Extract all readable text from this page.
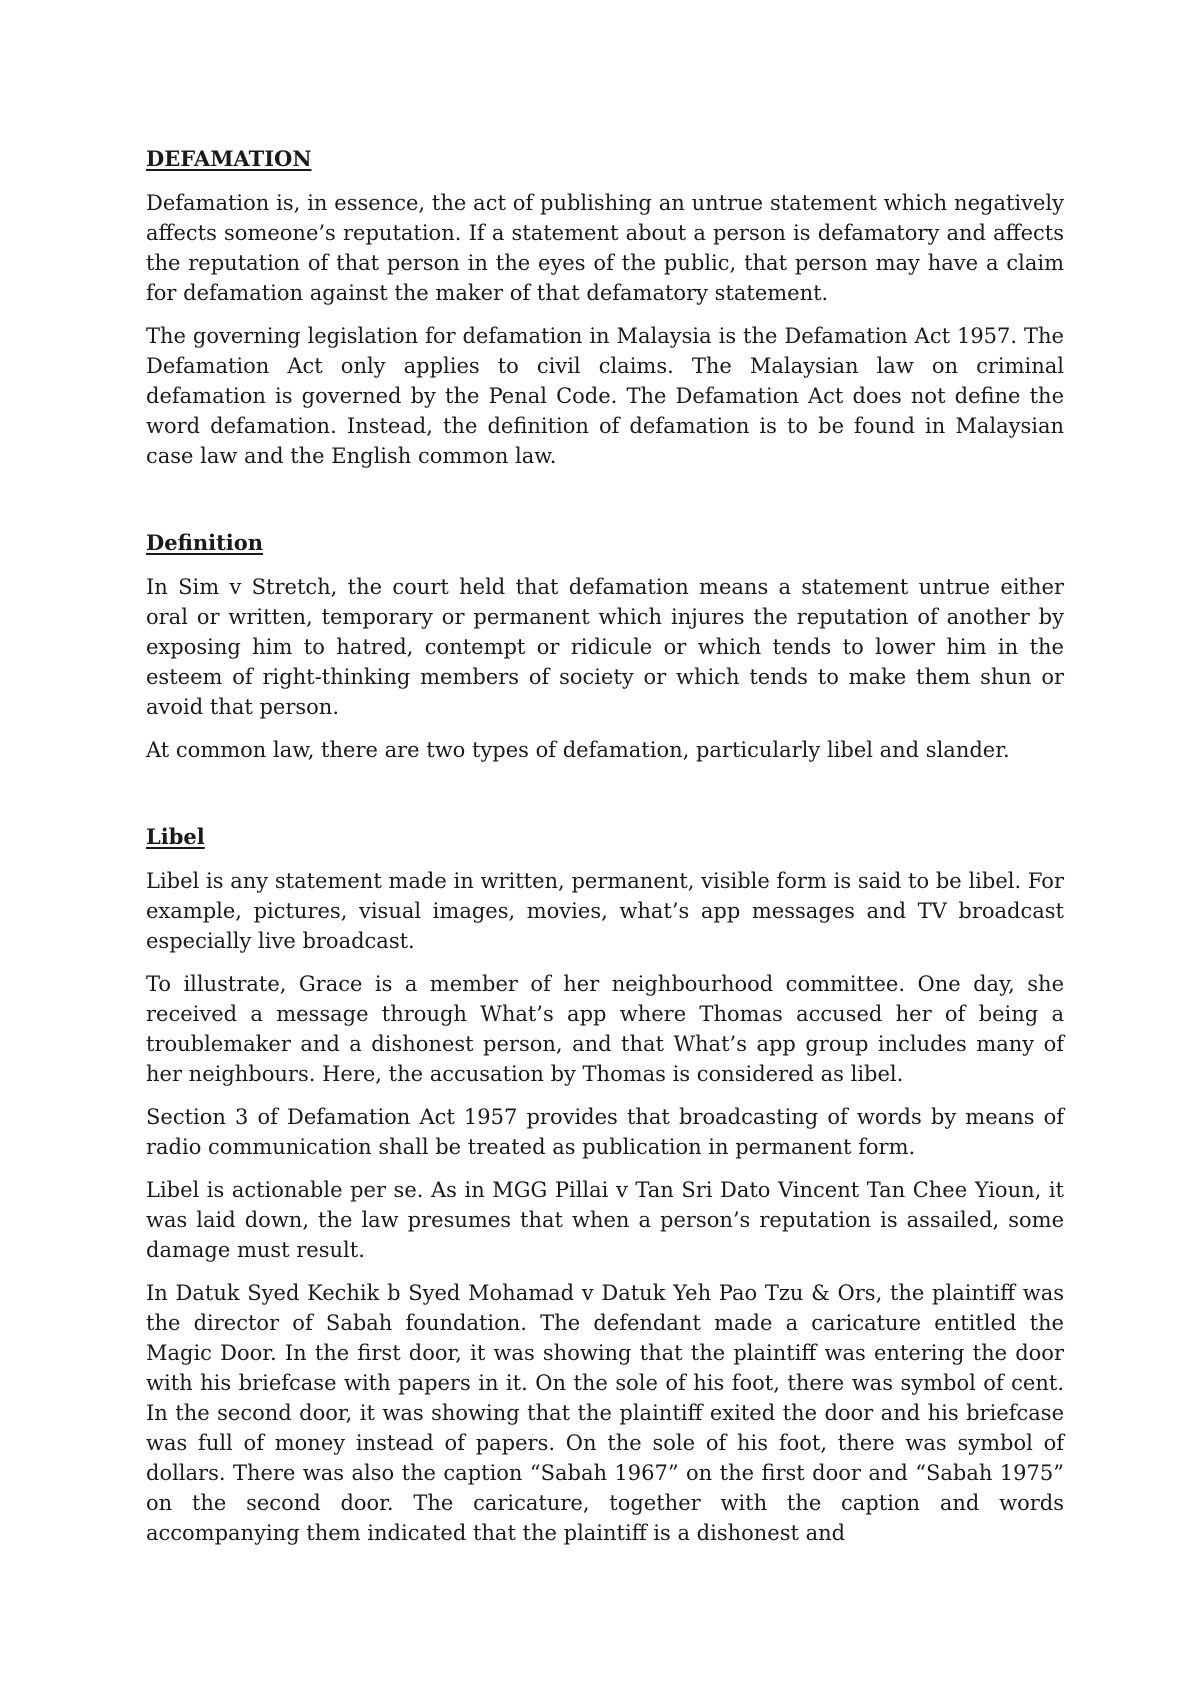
DEFAMATION

Defamation is, in essence, the act of publishing an untrue statement which negatively affects someone’s reputation. If a statement about a person is defamatory and affects the reputation of that person in the eyes of the public, that person may have a claim for defamation against the maker of that defamatory statement.

The governing legislation for defamation in Malaysia is the Defamation Act 1957. The Defamation Act only applies to civil claims. The Malaysian law on criminal defamation is governed by the Penal Code. The Defamation Act does not define the word defamation. Instead, the definition of defamation is to be found in Malaysian case law and the English common law.

Definition

In Sim v Stretch, the court held that defamation means a statement untrue either oral or written, temporary or permanent which injures the reputation of another by exposing him to hatred, contempt or ridicule or which tends to lower him in the esteem of right-thinking members of society or which tends to make them shun or avoid that person.

At common law, there are two types of defamation, particularly libel and slander.

Libel

Libel is any statement made in written, permanent, visible form is said to be libel. For example, pictures, visual images, movies, what’s app messages and TV broadcast especially live broadcast.

To illustrate, Grace is a member of her neighbourhood committee. One day, she received a message through What’s app where Thomas accused her of being a troublemaker and a dishonest person, and that What’s app group includes many of her neighbours. Here, the accusation by Thomas is considered as libel.

Section 3 of Defamation Act 1957 provides that broadcasting of words by means of radio communication shall be treated as publication in permanent form.

Libel is actionable per se. As in MGG Pillai v Tan Sri Dato Vincent Tan Chee Yioun, it was laid down, the law presumes that when a person’s reputation is assailed, some damage must result.

In Datuk Syed Kechik b Syed Mohamad v Datuk Yeh Pao Tzu & Ors, the plaintiff was the director of Sabah foundation. The defendant made a caricature entitled the Magic Door. In the first door, it was showing that the plaintiff was entering the door with his briefcase with papers in it. On the sole of his foot, there was symbol of cent. In the second door, it was showing that the plaintiff exited the door and his briefcase was full of money instead of papers. On the sole of his foot, there was symbol of dollars. There was also the caption “Sabah 1967” on the first door and “Sabah 1975” on the second door. The caricature, together with the caption and words accompanying them indicated that the plaintiff is a dishonest and
